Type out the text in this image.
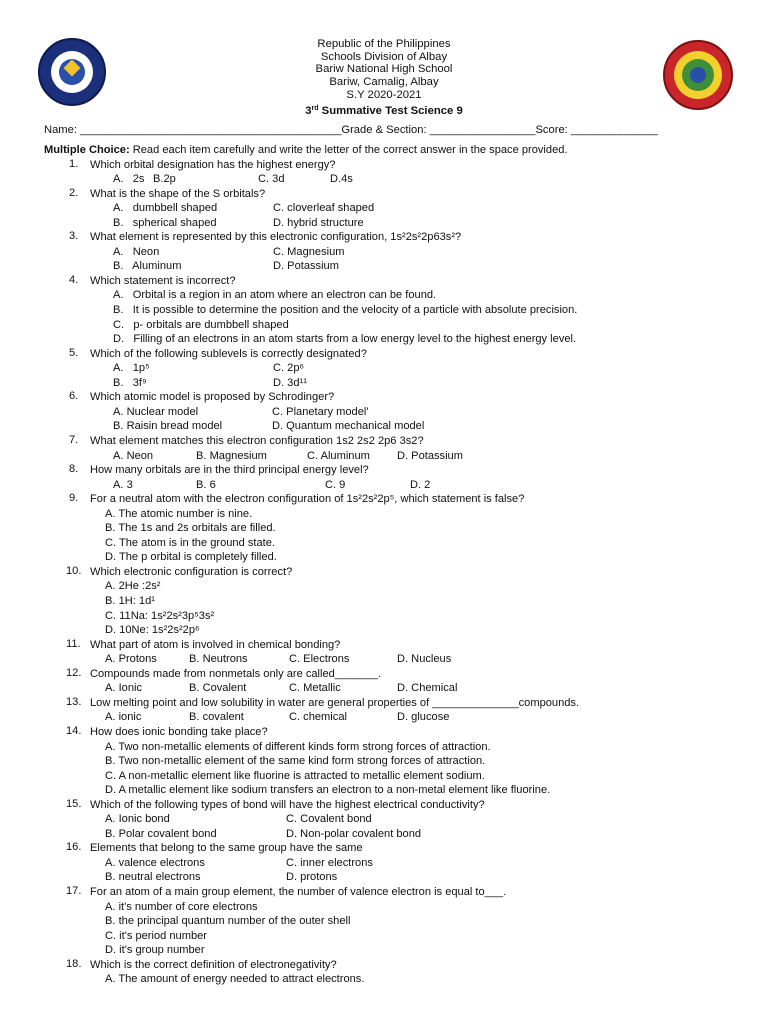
Republic of the Philippines
Schools Division of Albay
Bariw National High School
Bariw, Camalig, Albay
S.Y 2020-2021
3rd Summative Test Science 9
Name: __________________________________________Grade & Section: _________________Score: ______________
Multiple Choice: Read each item carefully and write the letter of the correct answer in the space provided.
1. Which orbital designation has the highest energy?
A.   2s B.2p	C. 3d	D.4s
2. What is the shape of the S orbitals?
A.   dumbbell shaped	C. cloverleaf shaped
B.   spherical shaped	D. hybrid structure
3. What element is represented by this electronic configuration, 1s²2s²2p63s²?
A.   Neon	C. Magnesium
B.   Aluminum	D. Potassium
4. Which statement is incorrect?
A.   Orbital is a region in an atom where an electron can be found.
B.   It is possible to determine the position and the velocity of a particle with absolute precision.
C.   p- orbitals are dumbbell shaped
D.   Filling of an electrons in an atom starts from a low energy level to the highest energy level.
5. Which of the following sublevels is correctly designated?
A.   1p⁵	C. 2p⁶
B.   3f⁹	D. 3d¹¹
6. Which atomic model is proposed by Schrodinger?
A. Nuclear model	C. Planetary model'
B. Raisin bread model	D. Quantum mechanical model
7. What element matches this electron configuration 1s2 2s2 2p6 3s2?
A. Neon	B. Magnesium	C. Aluminum D. Potassium
8. How many orbitals are in the third principal energy level?
A. 3	B. 6	C. 9	D. 2
9. For a neutral atom with the electron configuration of 1s²2s²2p⁵, which statement is false?
A. The atomic number is nine.
B. The 1s and 2s orbitals are filled.
C. The atom is in the ground state.
D. The p orbital is completely filled.
10. Which electronic configuration is correct?
A. 2He :2s²
B. 1H: 1d¹
C. 11Na: 1s²2s²3p⁵3s²
D. 10Ne: 1s²2s²2p⁶
11. What part of atom is involved in chemical bonding?
A. Protons	B. Neutrons	C. Electrons	D. Nucleus
12. Compounds made from nonmetals only are called_______.
A. Ionic	B. Covalent	C. Metallic	D. Chemical
13. Low melting point and low solubility in water are general properties of ______________compounds.
A. ionic	B. covalent	C. chemical	D. glucose
14. How does ionic bonding take place?
A. Two non-metallic elements of different kinds form strong forces of attraction.
B. Two non-metallic element of the same kind form strong forces of attraction.
C. A non-metallic element like fluorine is attracted to metallic element sodium.
D. A metallic element like sodium transfers an electron to a non-metal element like fluorine.
15. Which of the following types of bond will have the highest electrical conductivity?
A. Ionic bond	C. Covalent bond
B. Polar covalent bond	D. Non-polar covalent bond
16. Elements that belong to the same group have the same
A. valence electrons	C. inner electrons
B. neutral electrons	D. protons
17. For an atom of a main group element, the number of valence electron is equal to___.
A. it's number of core electrons
B. the principal quantum number of the outer shell
C. it's period number
D. it's group number
18. Which is the correct definition of electronegativity?
A. The amount of energy needed to attract electrons.
